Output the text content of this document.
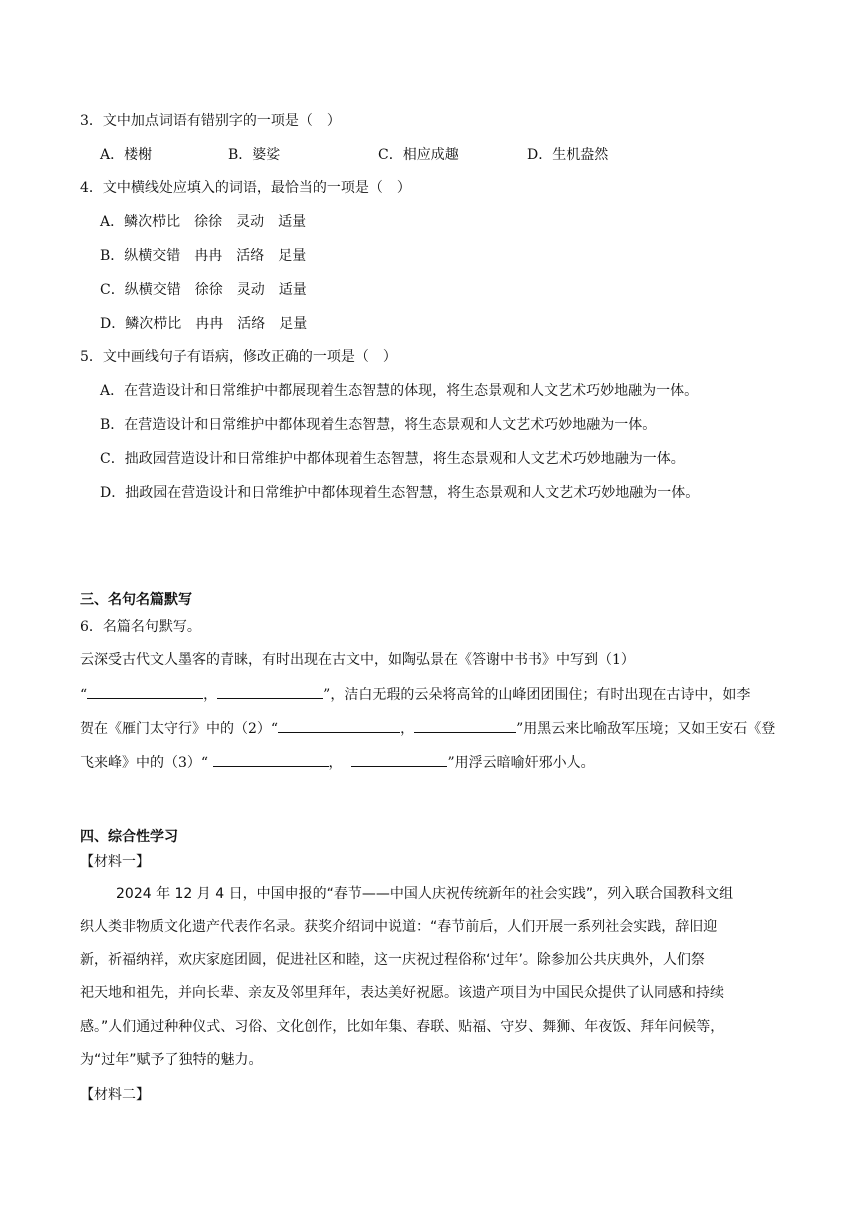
3．文中加点词语有错别字的一项是（　）
A．楼榭	B．婆娑	C．相应成趣	D．生机盎然
4．文中横线处应填入的词语，最恰当的一项是（　）
A．鳞次栉比　徐徐　灵动　适量
B．纵横交错　冉冉　活络　足量
C．纵横交错　徐徐　灵动　适量
D．鳞次栉比　冉冉　活络　足量
5．文中画线句子有语病，修改正确的一项是（　）
A．在营造设计和日常维护中都展现着生态智慧的体现，将生态景观和人文艺术巧妙地融为一体。
B．在营造设计和日常维护中都体现着生态智慧，将生态景观和人文艺术巧妙地融为一体。
C．拙政园营造设计和日常维护中都体现着生态智慧，将生态景观和人文艺术巧妙地融为一体。
D．拙政园在营造设计和日常维护中都体现着生态智慧，将生态景观和人文艺术巧妙地融为一体。
三、名句名篇默写
6．名篇名句默写。
云深受古代文人墨客的青睐，有时出现在古文中，如陶弘景在《答谢中书书》中写到（1）
“	，	”，洁白无瑕的云朵将高耸的山峰团团围住；有时出现在古诗中，如李
贺在《雁门太守行》中的（2）“	，	”用黑云来比喻敌军压境；又如王安石《登
飞来峰》中的（3）“	，	”用浮云暗喻奸邪小人。
四、综合性学习
【材料一】
2024 年 12 月 4 日，中国申报的“春节——中国人庆祝传统新年的社会实践”，列入联合国教科文组
织人类非物质文化遗产代表作名录。获奖介绍词中说道：“春节前后，人们开展一系列社会实践，辞旧迎
新，祈福纳祥，欢庆家庭团圆，促进社区和睦，这一庆祝过程俗称‘过年’。除参加公共庆典外，人们祭
祀天地和祖先，并向长辈、亲友及邻里拜年，表达美好祝愿。该遗产项目为中国民众提供了认同感和持续
感。”人们通过种种仪式、习俗、文化创作，比如年集、春联、贴福、守岁、舞狮、年夜饭、拜年问候等，
为“过年”赋予了独特的魅力。
【材料二】
